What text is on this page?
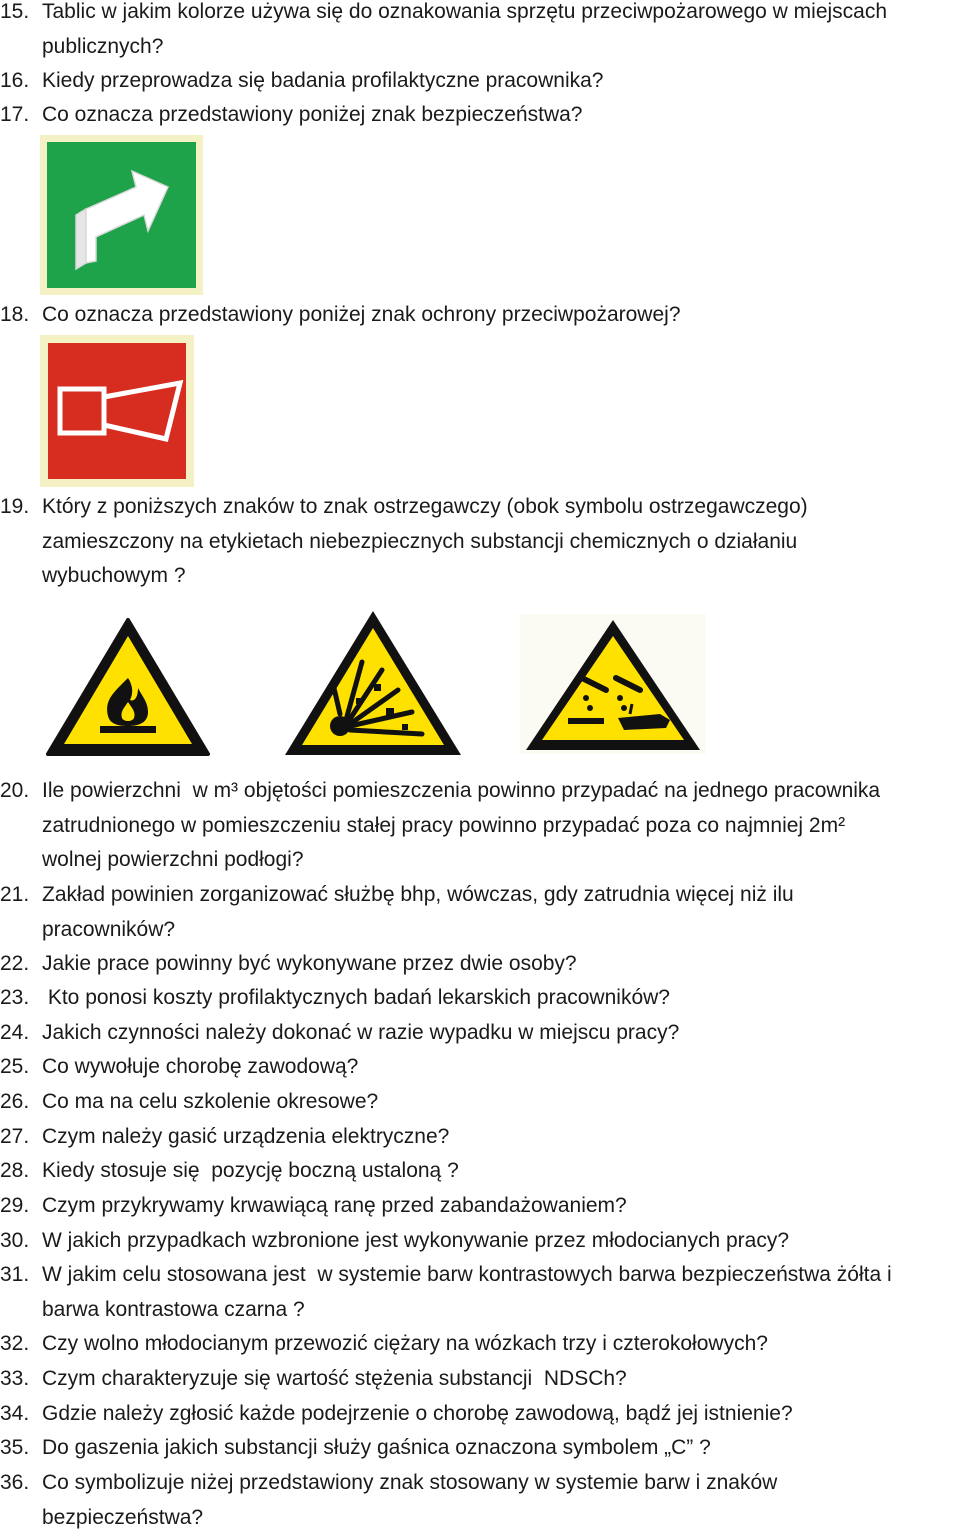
15. Tablic w jakim kolorze używa się do oznakowania sprzętu przeciwpożarowego w miejscach
publicznych?
16. Kiedy przeprowadza się badania profilaktyczne pracownika?
17. Co oznacza przedstawiony poniżej znak bezpieczeństwa?
18. Co oznacza przedstawiony poniżej znak ochrony przeciwpożarowej?
19. Który z poniższych znaków to znak ostrzegawczy (obok symbolu ostrzegawczego)
zamieszczony na etykietach niebezpiecznych substancji chemicznych o działaniu
wybuchowym ?
20. Ile powierzchni  w m³ objętości pomieszczenia powinno przypadać na jednego pracownika
zatrudnionego w pomieszczeniu stałej pracy powinno przypadać poza co najmniej 2m²
wolnej powierzchni podłogi?
21. Zakład powinien zorganizować służbę bhp, wówczas, gdy zatrudnia więcej niż ilu
pracowników?
22. Jakie prace powinny być wykonywane przez dwie osoby?
23. Kto ponosi koszty profilaktycznych badań lekarskich pracowników?
24. Jakich czynności należy dokonać w razie wypadku w miejscu pracy?
25. Co wywołuje chorobę zawodową?
26. Co ma na celu szkolenie okresowe?
27. Czym należy gasić urządzenia elektryczne?
28. Kiedy stosuje się  pozycję boczną ustaloną ?
29. Czym przykrywamy krwawiącą ranę przed zabandażowaniem?
30. W jakich przypadkach wzbronione jest wykonywanie przez młodocianych pracy?
31. W jakim celu stosowana jest  w systemie barw kontrastowych barwa bezpieczeństwa żółta i
barwa kontrastowa czarna ?
32. Czy wolno młodocianym przewozić ciężary na wózkach trzy i czterokołowych?
33. Czym charakteryzuje się wartość stężenia substancji  NDSCh?
34. Gdzie należy zgłosić każde podejrzenie o chorobę zawodową, bądź jej istnienie?
35. Do gaszenia jakich substancji służy gaśnica oznaczona symbolem „C” ?
36. Co symbolizuje niżej przedstawiony znak stosowany w systemie barw i znaków
bezpieczeństwa?
